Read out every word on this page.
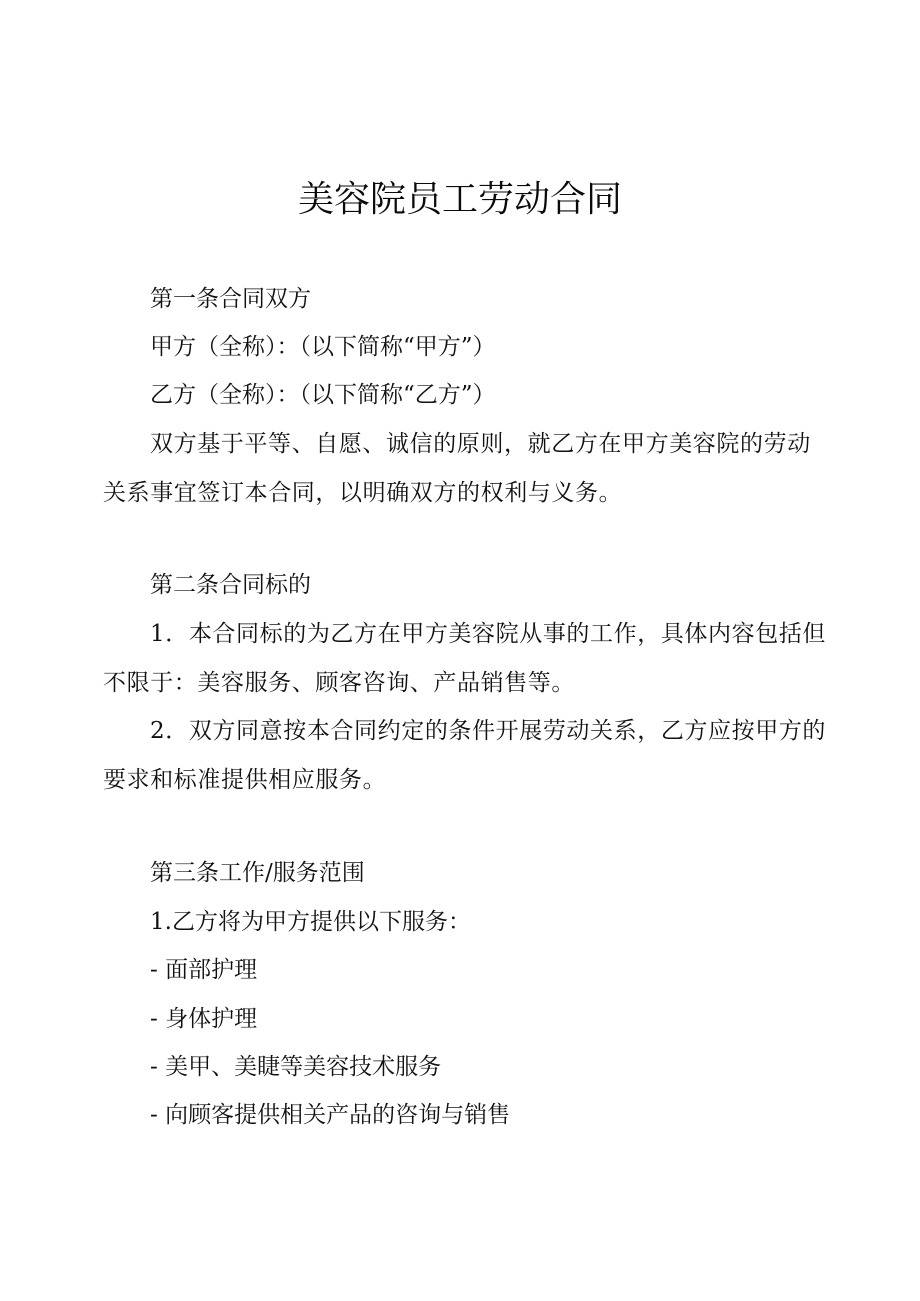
美容院员工劳动合同
第一条合同双方
甲方（全称）：（以下简称“甲方”）
乙方（全称）：（以下简称“乙方”）
双方基于平等、自愿、诚信的原则，就乙方在甲方美容院的劳动
关系事宜签订本合同，以明确双方的权利与义务。
第二条合同标的
1．本合同标的为乙方在甲方美容院从事的工作，具体内容包括但
不限于：美容服务、顾客咨询、产品销售等。
2．双方同意按本合同约定的条件开展劳动关系，乙方应按甲方的
要求和标准提供相应服务。
第三条工作/服务范围
1.乙方将为甲方提供以下服务：
- 面部护理
- 身体护理
- 美甲、美睫等美容技术服务
- 向顾客提供相关产品的咨询与销售
